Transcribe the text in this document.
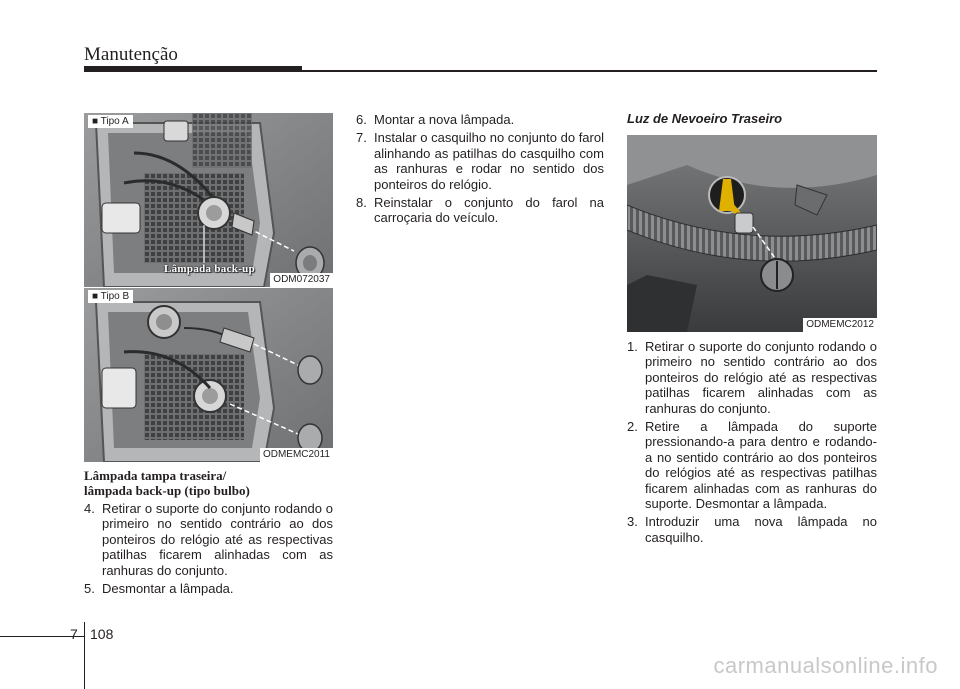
Manutenção
■ Tipo A
Lâmpada back-up
ODM072037
■ Tipo B
ODMEMC2011
ODMEMC2012
Lâmpada tampa traseira/
lâmpada back-up (tipo bulbo)
4. Retirar o suporte do conjunto rodando o primeiro no sentido contrário ao dos ponteiros do relógio até as respectivas patilhas ficarem alinhadas com as ranhuras do conjunto.
5. Desmontar a lâmpada.
6. Montar a nova lâmpada.
7. Instalar o casquilho no conjunto do farol alinhando as patilhas do casquilho com as ranhuras e rodar no sentido dos ponteiros do relógio.
8. Reinstalar o conjunto do farol na carroçaria do veículo.
Luz de Nevoeiro Traseiro
1. Retirar o suporte do conjunto rodando o primeiro no sentido contrário ao dos ponteiros do relógio até as respectivas patilhas ficarem alinhadas com as ranhuras do conjunto.
2. Retire a lâmpada do suporte pressionando-a para dentro e rodando-a no sentido contrário ao dos ponteiros do relógios até as respectivas patilhas ficarem alinhadas com as ranhuras do suporte. Desmontar a lâmpada.
3. Introduzir uma nova lâmpada no casquilho.
7 108
carmanualsonline.info
